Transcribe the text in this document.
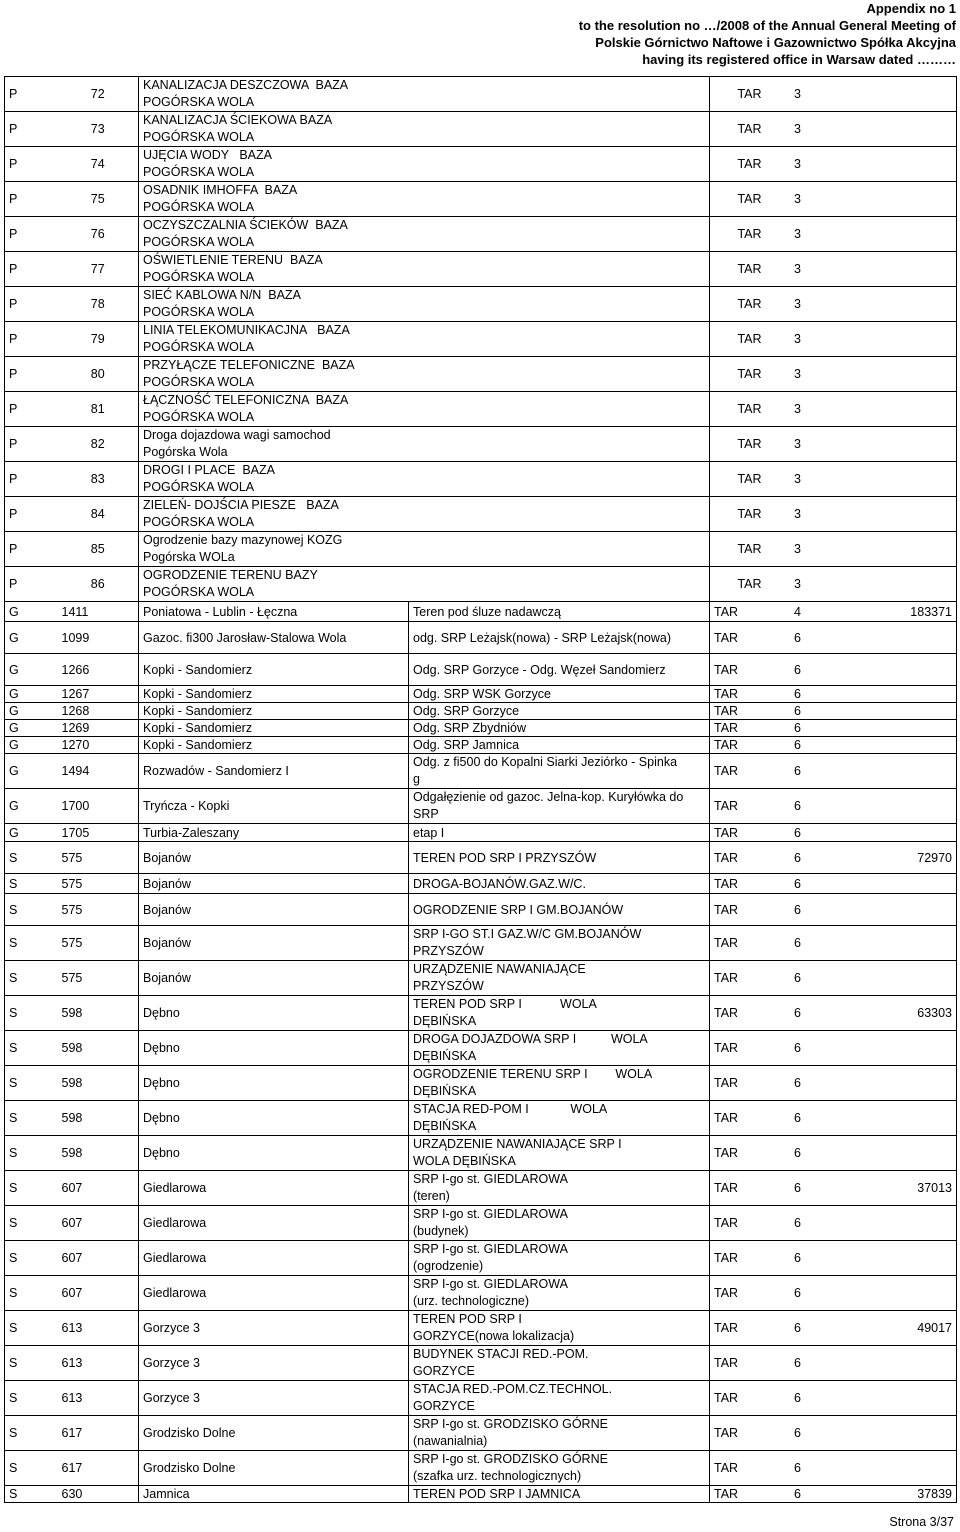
Appendix no 1
to the resolution no …/2008 of the Annual General Meeting of
Polskie Górnictwo Naftowe i Gazownictwo Spółka Akcyjna
having its registered office in Warsaw dated ………
P	72		KANALIZACJA DESZCZOWA  BAZA
POGÓRSKA WOLA		TAR	3	
P	73		KANALIZACJA ŚCIEKOWA BAZA
POGÓRSKA WOLA		TAR	3	
P	74		UJĘCIA WODY   BAZA
POGÓRSKA WOLA		TAR	3	
P	75		OSADNIK IMHOFFA  BAZA
POGÓRSKA WOLA		TAR	3	
P	76		OCZYSZCZALNIA ŚCIEKÓW  BAZA
POGÓRSKA WOLA		TAR	3	
P	77		OŚWIETLENIE TERENU  BAZA
POGÓRSKA WOLA		TAR	3	
P	78		SIEĆ KABLOWA N/N  BAZA
POGÓRSKA WOLA		TAR	3	
P	79		LINIA TELEKOMUNIKACJNA   BAZA
POGÓRSKA WOLA		TAR	3	
P	80		PRZYŁĄCZE TELEFONICZNE  BAZA
POGÓRSKA WOLA		TAR	3	
P	81		ŁĄCZNOŚĆ TELEFONICZNA  BAZA
POGÓRSKA WOLA		TAR	3	
P	82		Droga dojazdowa wagi samochod
Pogórska Wola		TAR	3	
P	83		DROGI I PLACE  BAZA
POGÓRSKA WOLA		TAR	3	
P	84		ZIELEŃ- DOJŚCIA PIESZE   BAZA
POGÓRSKA WOLA		TAR	3	
P	85		Ogrodzenie bazy mazynowej KOZG
Pogórska WOLa		TAR	3	
P	86		OGRODZENIE TERENU BAZY
POGÓRSKA WOLA		TAR	3	
G	1411		Poniatowa - Lublin - Łęczna	Teren pod śluze nadawczą	TAR	4	183371
G	1099		Gazoc. fi300 Jarosław-Stalowa Wola	odg. SRP Leżajsk(nowa) - SRP Leżajsk(nowa)	TAR	6	
G	1266		Kopki - Sandomierz	Odg. SRP Gorzyce - Odg. Węzeł Sandomierz	TAR	6	
G	1267		Kopki - Sandomierz	Odg. SRP WSK Gorzyce	TAR	6	
G	1268		Kopki - Sandomierz	Odg. SRP Gorzyce	TAR	6	
G	1269		Kopki - Sandomierz	Odg. SRP Zbydniów	TAR	6	
G	1270		Kopki - Sandomierz	Odg. SRP Jamnica	TAR	6	
G	1494		Rozwadów - Sandomierz I	Odg. z fi500 do Kopalni Siarki Jeziórko - Spinka
g	TAR	6	
G	1700		Tryńcza - Kopki	Odgałęzienie od gazoc. Jelna-kop. Kuryłówka do
SRP	TAR	6	
G	1705		Turbia-Zaleszany	etap I	TAR	6	
S	575		Bojanów	TEREN POD SRP I PRZYSZÓW	TAR	6	72970
S	575		Bojanów	DROGA-BOJANÓW.GAZ.W/C.	TAR	6	
S	575		Bojanów	OGRODZENIE SRP I GM.BOJANÓW	TAR	6	
S	575		Bojanów	SRP I-GO ST.I GAZ.W/C GM.BOJANÓW
PRZYSZÓW	TAR	6	
S	575		Bojanów	URZĄDZENIE NAWANIAJĄCE
PRZYSZÓW	TAR	6	
S	598		Dębno	TEREN POD SRP I           WOLA
DĘBIŃSKA	TAR	6	63303
S	598		Dębno	DROGA DOJAZDOWA SRP I          WOLA
DĘBIŃSKA	TAR	6	
S	598		Dębno	OGRODZENIE TERENU SRP I        WOLA
DĘBIŃSKA	TAR	6	
S	598		Dębno	STACJA RED-POM I            WOLA
DĘBIŃSKA	TAR	6	
S	598		Dębno	URZĄDZENIE NAWANIAJĄCE SRP I
WOLA DĘBIŃSKA	TAR	6	
S	607		Giedlarowa	SRP I-go st. GIEDLAROWA
(teren)	TAR	6	37013
S	607		Giedlarowa	SRP I-go st. GIEDLAROWA
(budynek)	TAR	6	
S	607		Giedlarowa	SRP I-go st. GIEDLAROWA
(ogrodzenie)	TAR	6	
S	607		Giedlarowa	SRP I-go st. GIEDLAROWA
(urz. technologiczne)	TAR	6	
S	613		Gorzyce 3	TEREN POD SRP I
GORZYCE(nowa lokalizacja)	TAR	6	49017
S	613		Gorzyce 3	BUDYNEK STACJI RED.-POM.
GORZYCE	TAR	6	
S	613		Gorzyce 3	STACJA RED.-POM.CZ.TECHNOL.
GORZYCE	TAR	6	
S	617		Grodzisko Dolne	SRP I-go st. GRODZISKO GÓRNE
(nawanialnia)	TAR	6	
S	617		Grodzisko Dolne	SRP I-go st. GRODZISKO GÓRNE
(szafka urz. technologicznych)	TAR	6	
S	630		Jamnica	TEREN POD SRP I JAMNICA	TAR	6	37839
Strona 3/37
